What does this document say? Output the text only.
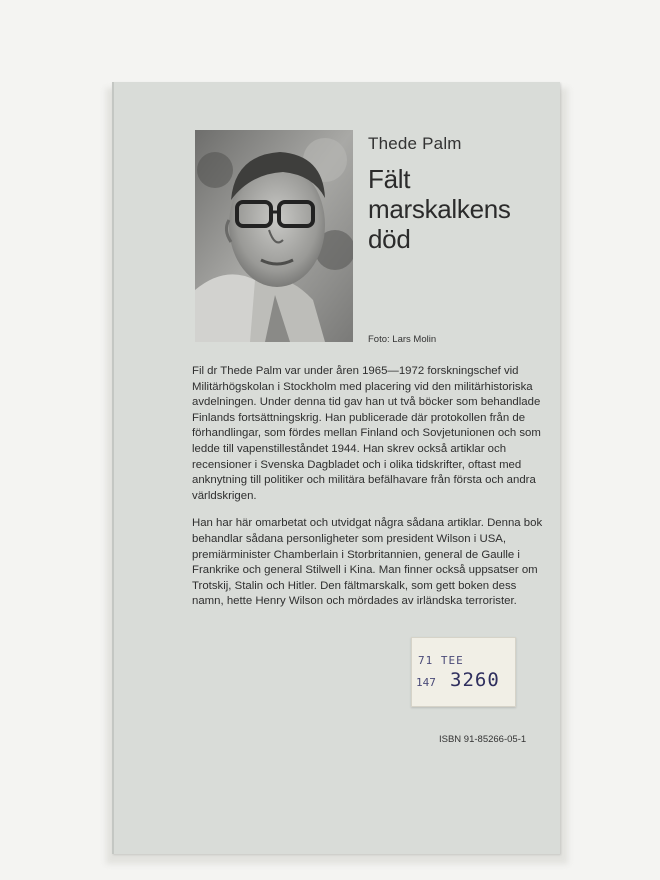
Thede Palm
Fält
marskalkens
död
Foto: Lars Molin

Fil dr Thede Palm var under åren 1965—1972 forskningschef vid Militärhögskolan i Stockholm med placering vid den militärhistoriska avdelningen. Under denna tid gav han ut två böcker som behandlade Finlands fortsättningskrig. Han publicerade där protokollen från de förhandlingar, som fördes mellan Finland och Sovjetunionen och som ledde till vapenstilleståndet 1944. Han skrev också artiklar och recensioner i Svenska Dagbladet och i olika tidskrifter, oftast med anknytning till politiker och militära befälhavare från första och andra världskrigen.

Han har här omarbetat och utvidgat några sådana artiklar. Denna bok behandlar sådana personligheter som president Wilson i USA, premiärminister Chamberlain i Storbritannien, general de Gaulle i Frankrike och general Stilwell i Kina. Man finner också uppsatser om Trotskij, Stalin och Hitler. Den fältmarskalk, som gett boken dess namn, hette Henry Wilson och mördades av irländska terrorister.

71 TEE
147 3260
ISBN 91-85266-05-1
